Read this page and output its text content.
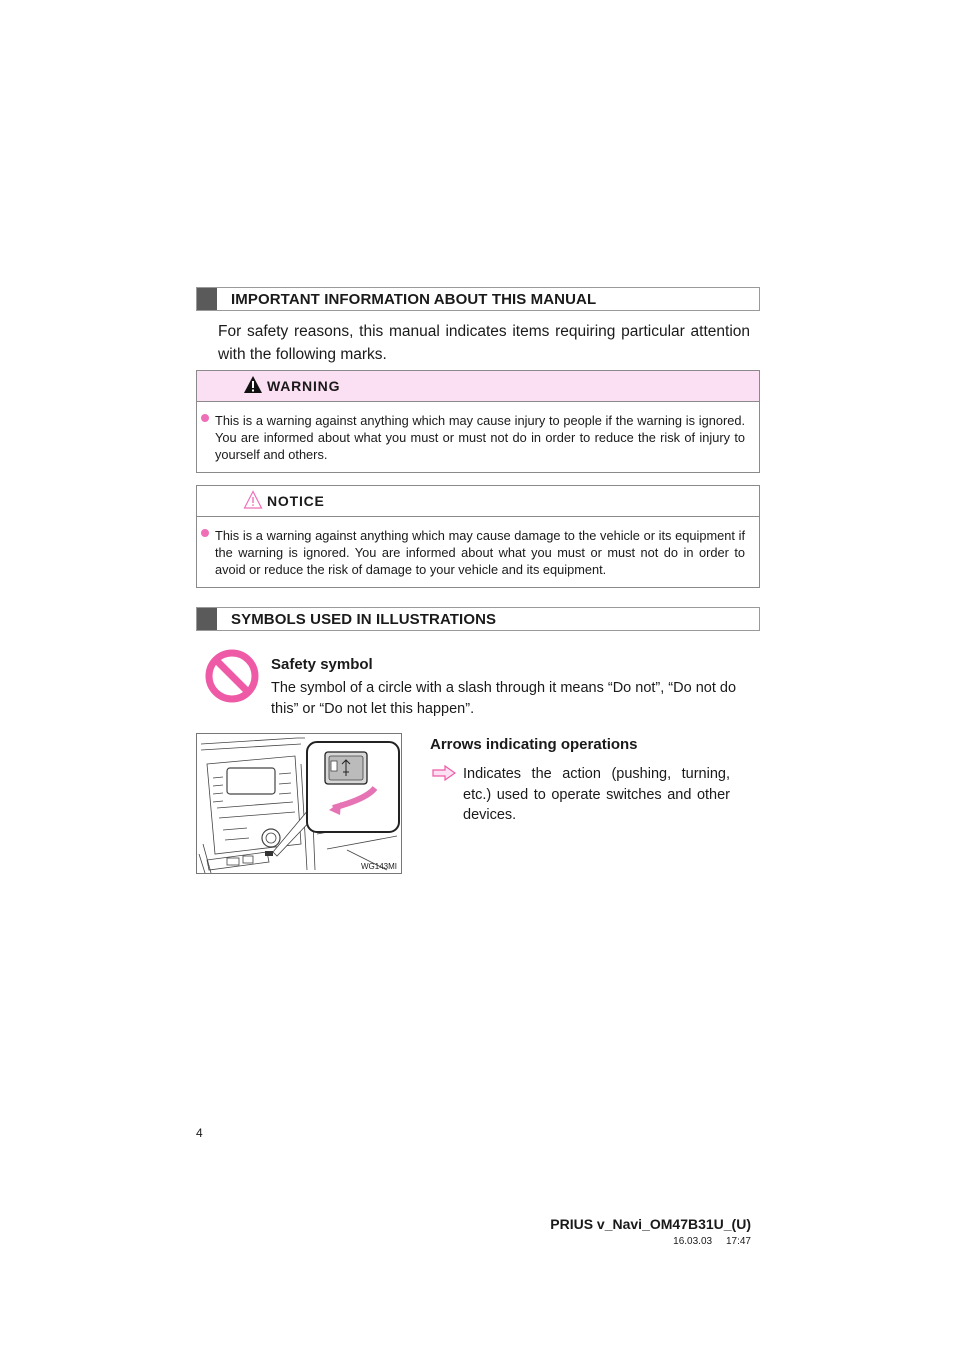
IMPORTANT INFORMATION ABOUT THIS MANUAL
For safety reasons, this manual indicates items requiring particular attention with the following marks.
WARNING
This is a warning against anything which may cause injury to people if the warning is ignored. You are informed about what you must or must not do in order to reduce the risk of injury to yourself and others.
NOTICE
This is a warning against anything which may cause damage to the vehicle or its equipment if the warning is ignored. You are informed about what you must or must not do in order to avoid or reduce the risk of damage to your vehicle and its equipment.
SYMBOLS USED IN ILLUSTRATIONS
Safety symbol
The symbol of a circle with a slash through it means “Do not”, “Do not do this” or “Do not let this happen”.
WG143MI
Arrows indicating operations
Indicates the action (pushing, turning, etc.) used to operate switches and other devices.
4
PRIUS v_Navi_OM47B31U_(U)
16.03.03     17:47
